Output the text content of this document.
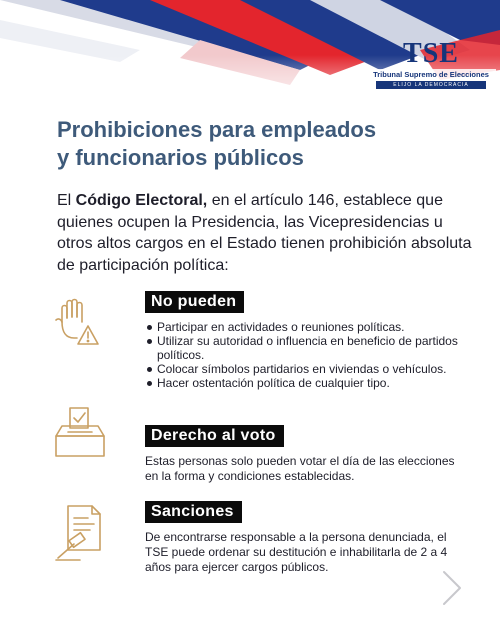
TSE
Tribunal Supremo de Elecciones
ELIJO LA DEMOCRACIA
Prohibiciones para empleados
y funcionarios públicos

El Código Electoral, en el artículo 146, establece que quienes ocupen la Presidencia, las Vicepresidencias u otros altos cargos en el Estado tienen prohibición absoluta de participación política:

No pueden
Participar en actividades o reuniones políticas.
Utilizar su autoridad o influencia en beneficio de partidos políticos.
Colocar símbolos partidarios en viviendas o vehículos.
Hacer ostentación política de cualquier tipo.
Derecho al voto

Estas personas solo pueden votar el día de las elecciones en la forma y condiciones establecidas.

Sanciones

De encontrarse responsable a la persona denunciada, el TSE puede ordenar su destitución e inhabilitarla de 2 a 4 años para ejercer cargos públicos.
